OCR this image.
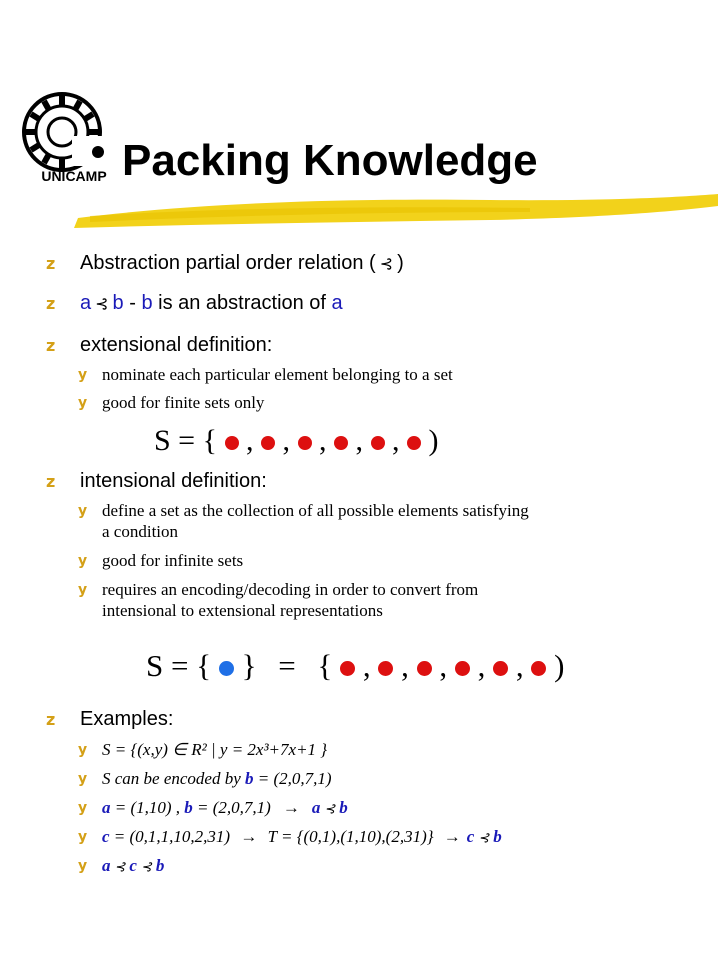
UNICAMP Packing Knowledge
z Abstraction partial order relation ( ⊰ )
z a ⊰ b - b is an abstraction of a
z extensional definition:
y nominate each particular element belonging to a set
y good for finite sets only
S = { , , , , , )
z intensional definition:
y define a set as the collection of all possible elements satisfying
a condition
y good for infinite sets
y requires an encoding/decoding in order to convert from
intensional to extensional representations
S = { } = { , , , , , )
z Examples:
y S = {(x,y) ∈ R² | y = 2x³+7x+1 }
y S can be encoded by b = (2,0,7,1)
y a = (1,10) , b = (2,0,7,1) → a ⊰ b
y c = (0,1,1,10,2,31) → T = {(0,1),(1,10),(2,31)} → c ⊰ b
y a ⊰ c ⊰ b
